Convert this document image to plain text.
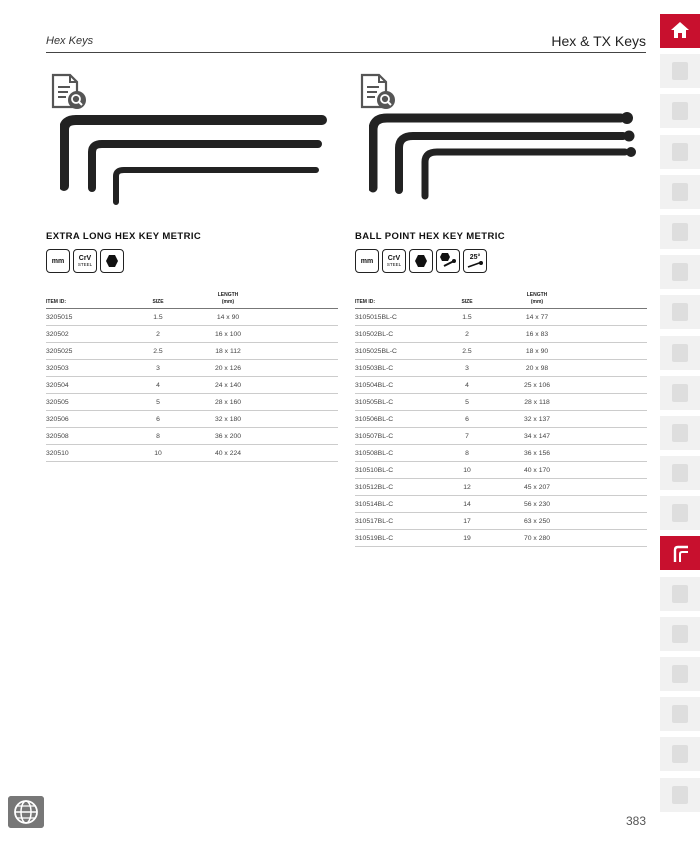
Hex Keys	Hex & TX Keys
EXTRA LONG HEX KEY METRIC
mm CrV
STEEL
ITEM ID:	SIZE	LENGTH
(mm)	
3205015	1.5	14 x 90	
320502	2	16 x 100	
3205025	2.5	18 x 112	
320503	3	20 x 126	
320504	4	24 x 140	
320505	5	28 x 160	
320506	6	32 x 180	
320508	8	36 x 200	
320510	10	40 x 224	
BALL POINT HEX KEY METRIC
mm CrV
STEEL
25°
ITEM ID:	SIZE	LENGTH
(mm)	
3105015BL-C	1.5	14 x 77	
310502BL-C	2	16 x 83	
3105025BL-C	2.5	18 x 90	
310503BL-C	3	20 x 98	
310504BL-C	4	25 x 106	
310505BL-C	5	28 x 118	
310506BL-C	6	32 x 137	
310507BL-C	7	34 x 147	
310508BL-C	8	36 x 156	
310510BL-C	10	40 x 170	
310512BL-C	12	45 x 207	
310514BL-C	14	56 x 230	
310517BL-C	17	63 x 250	
310519BL-C	19	70 x 280	
383
